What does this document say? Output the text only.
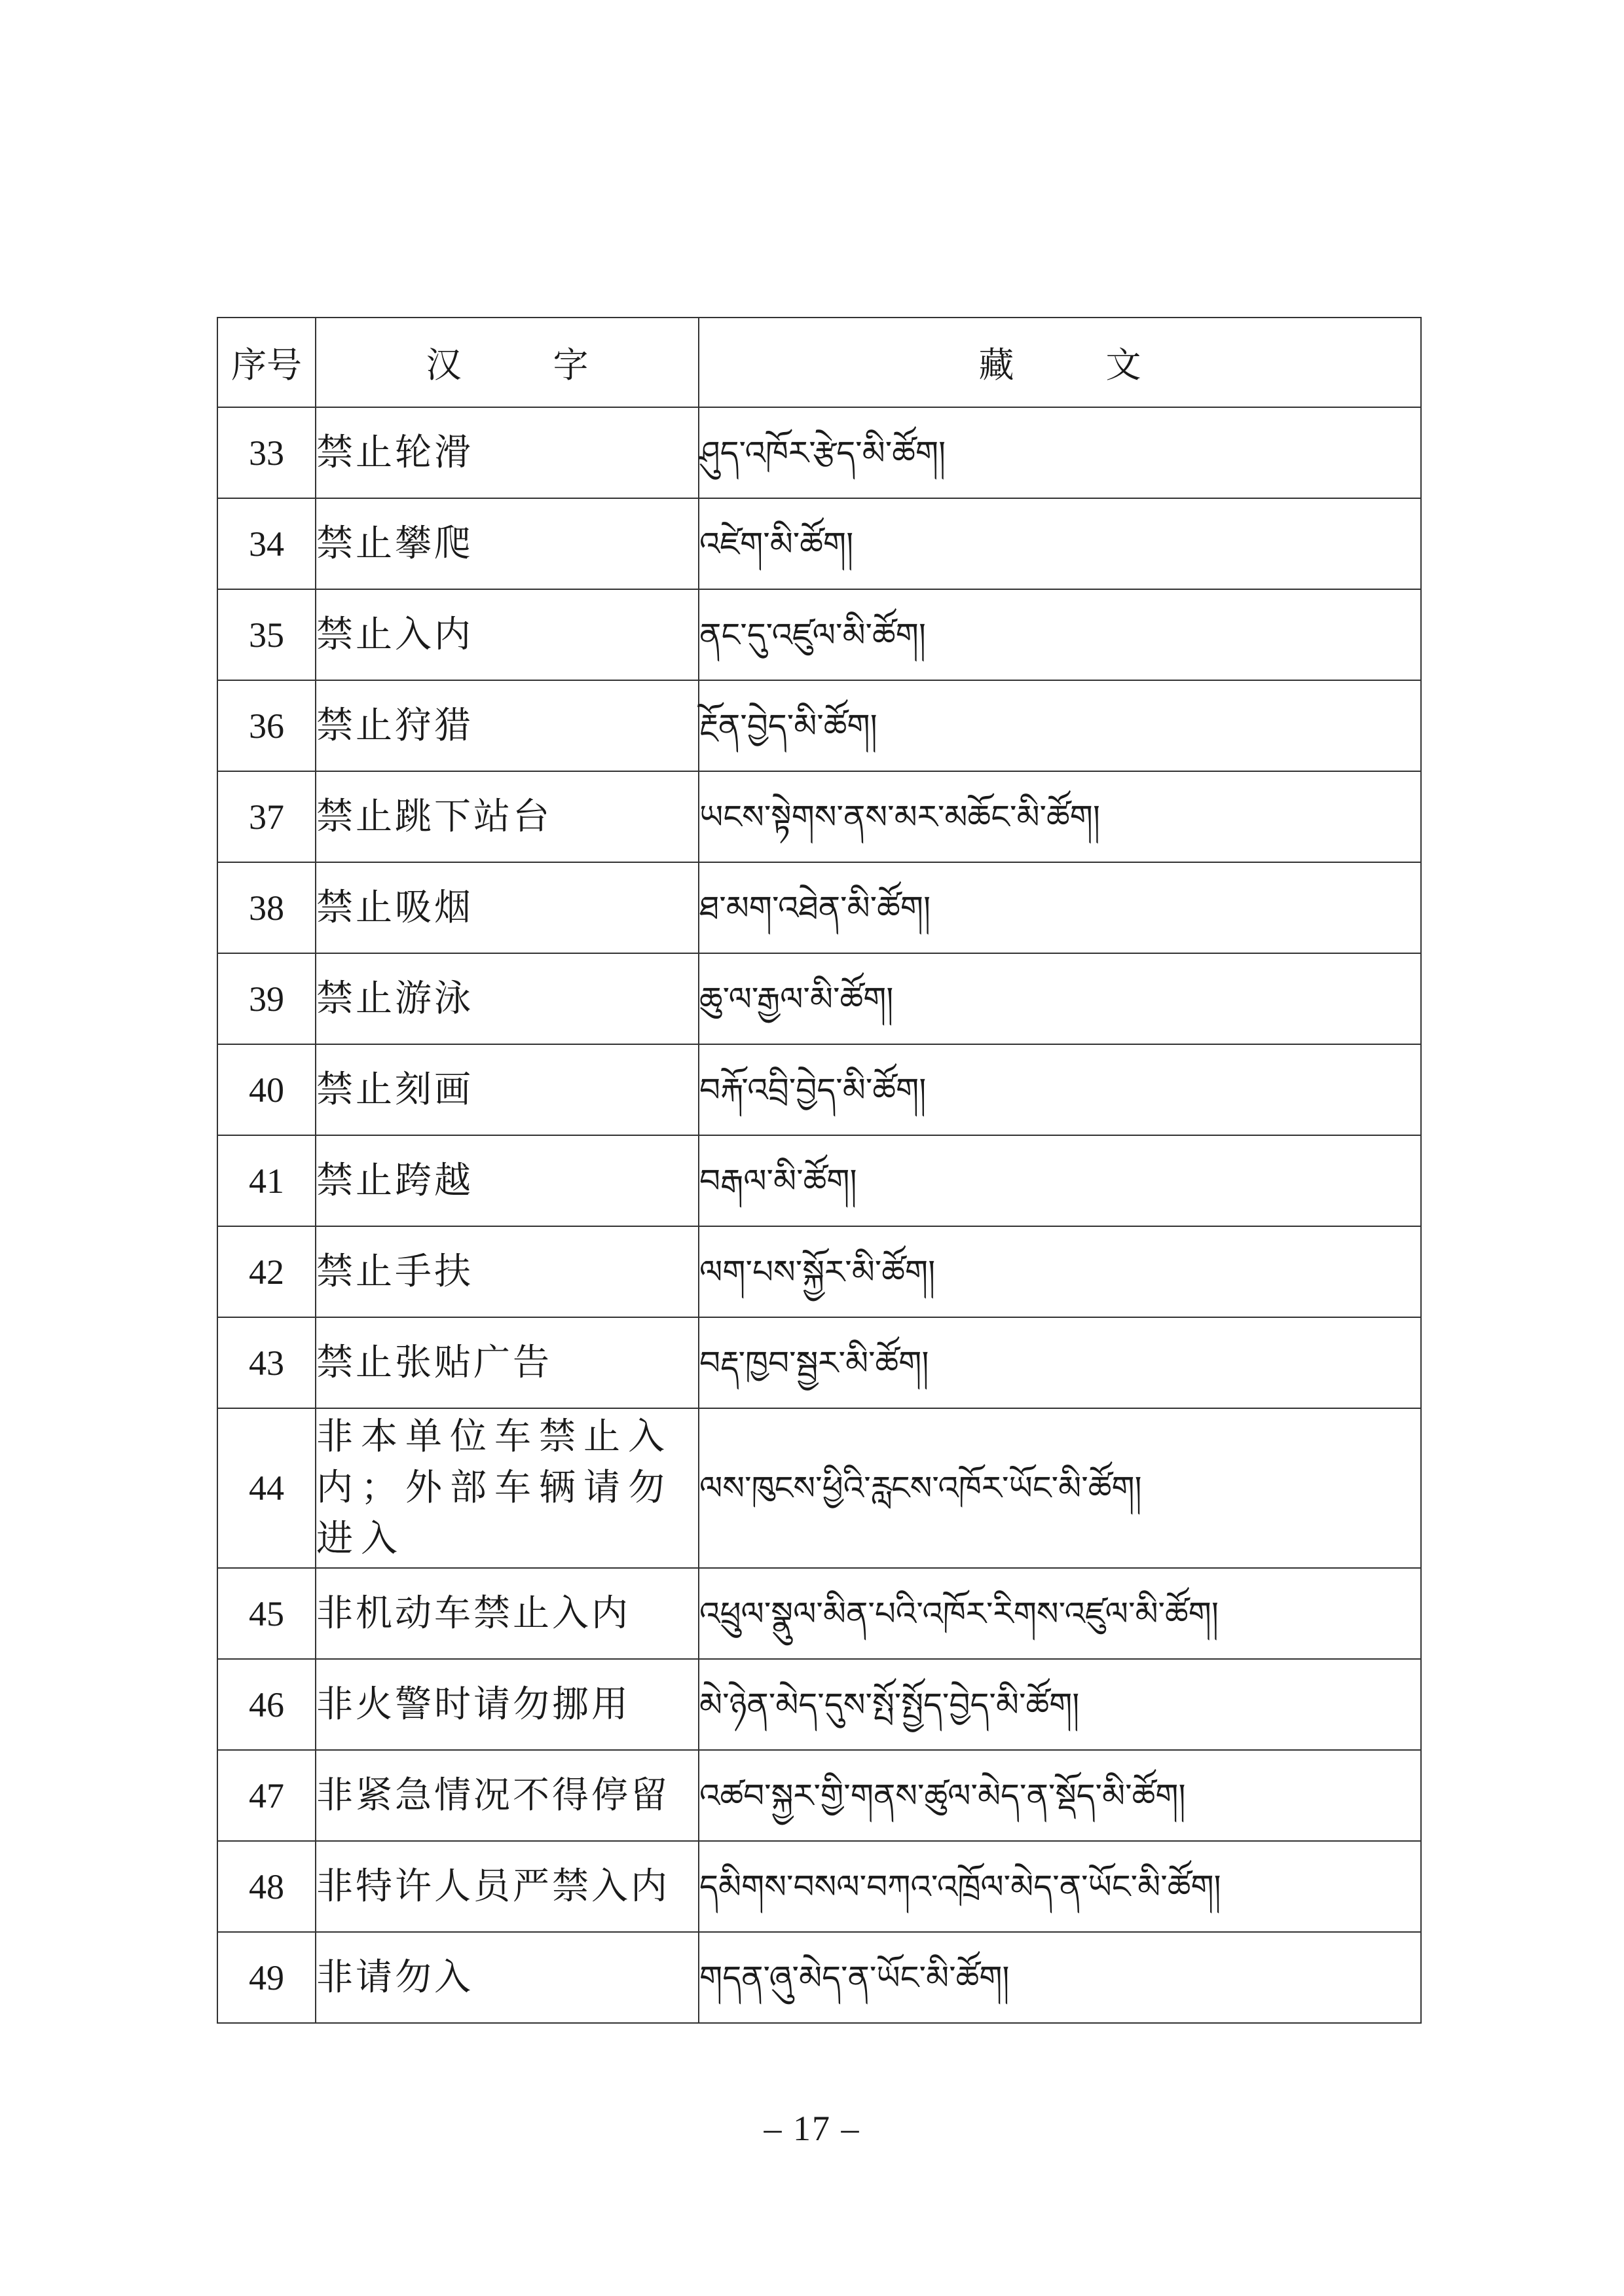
序号	汉 字	藏 文
33	禁止轮滑	ཤུད་འཁོར་རྩེད་མི་ཚོག།
34	禁止攀爬	འཛེག་མི་ཚོག།
35	禁止入内	ནང་དུ་འཛུལ་མི་ཚོག།
36	禁止狩猎	རྔོན་བྱེད་མི་ཚོག།
37	禁止跳下站台	ཡངས་སྟེགས་ནས་མར་མཆོང་མི་ཚོག།
38	禁止吸烟	ཐ་མག་འཐེན་མི་ཚོག།
39	禁止游泳	ཆུ་ལ་རྒྱལ་མི་ཚོག།
40	禁止刻画	བརྐོ་འབྲི་བྱེད་མི་ཚོག།
41	禁止跨越	བརྒལ་མི་ཚོག།
42	禁止手扶	ལག་པས་སྐྱོར་མི་ཚོག།
43	禁止张贴广告	བརྡ་ཁྱབ་སྦྱར་མི་ཚོག།
44	非本单位车禁止入内；外部车辆请勿进入	ལས་ཁུངས་ཕྱིའི་རླངས་འཁོར་ཡོང་མི་ཚོག།
45	非机动车禁止入内	འཕྲུལ་སྣུལ་མིན་པའི་འཁོར་རིགས་འཛུལ་མི་ཚོག།
46	非火警时请勿挪用	མེ་ཉེན་མེད་དུས་སྤོ་སྤྱོད་བྱེད་མི་ཚོག།
47	非紧急情况不得停留	འཚབ་སྐྱར་གྱི་གནས་ཚུལ་མེད་ན་སྡོད་མི་ཚོག།
48	非特许人员严禁入内	དམིགས་བསལ་བཀའ་འཁྲོལ་མེད་ན་ཡོང་མི་ཚོག།
49	非请勿入	གདན་ཞུ་མེད་ན་ཡོང་མི་ཚོག།
– 17 –
